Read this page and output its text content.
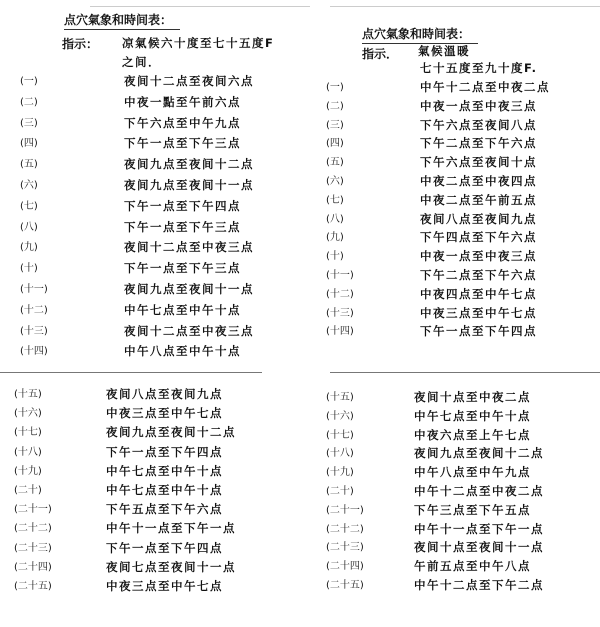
点穴氣象和時间表：
指示： 凉氣候六十度至七十五度F
之间．
(一)	夜间十二点至夜间六点
(二)	中夜一點至午前六点
(三)	下午六点至中午九点
(四)	下午一点至下午三点
(五)	夜间九点至夜间十二点
(六)	夜间九点至夜间十一点
(七)	下午一点至下午四点
(八)	下午一点至下午三点
(九)	夜间十二点至中夜三点
(十)	下午一点至下午三点
(十一)	夜间九点至夜间十一点
(十二)	中午七点至中午十点
(十三)	夜间十二点至中夜三点
(十四)	中午八点至中午十点
点穴氣象和時间表：
指示． 氣候溫暖
七十五度至九十度F.
(一)	中午十二点至中夜二点
(二)	中夜一点至中夜三点
(三)	下午六点至夜间八点
(四)	下午二点至下午六点
(五)	下午六点至夜间十点
(六)	中夜二点至中夜四点
(七)	中夜二点至午前五点
(八)	夜间八点至夜间九点
(九)	下午四点至下午六点
(十)	中夜一点至中夜三点
(十一)	下午二点至下午六点
(十二)	中夜四点至中午七点
(十三)	中夜三点至中午七点
(十四)	下午一点至下午四点
(十五)	夜间八点至夜间九点
(十六)	中夜三点至中午七点
(十七)	夜间九点至夜间十二点
(十八)	下午一点至下午四点
(十九)	中午七点至中午十点
(二十)	中午七点至中午十点
(二十一)	下午五点至下午六点
(二十二)	中午十一点至下午一点
(二十三)	下午一点至下午四点
(二十四)	夜间七点至夜间十一点
(二十五)	中夜三点至中午七点
(十五)	夜间十点至中夜二点
(十六)	中午七点至中午十点
(十七)	中夜六点至上午七点
(十八)	夜间九点至夜间十二点
(十九)	中午八点至中午九点
(二十)	中午十二点至中夜二点
(二十一)	下午三点至下午五点
(二十二)	中午十一点至下午一点
(二十三)	夜间十点至夜间十一点
(二十四)	午前五点至中午八点
(二十五)	中午十二点至下午二点
